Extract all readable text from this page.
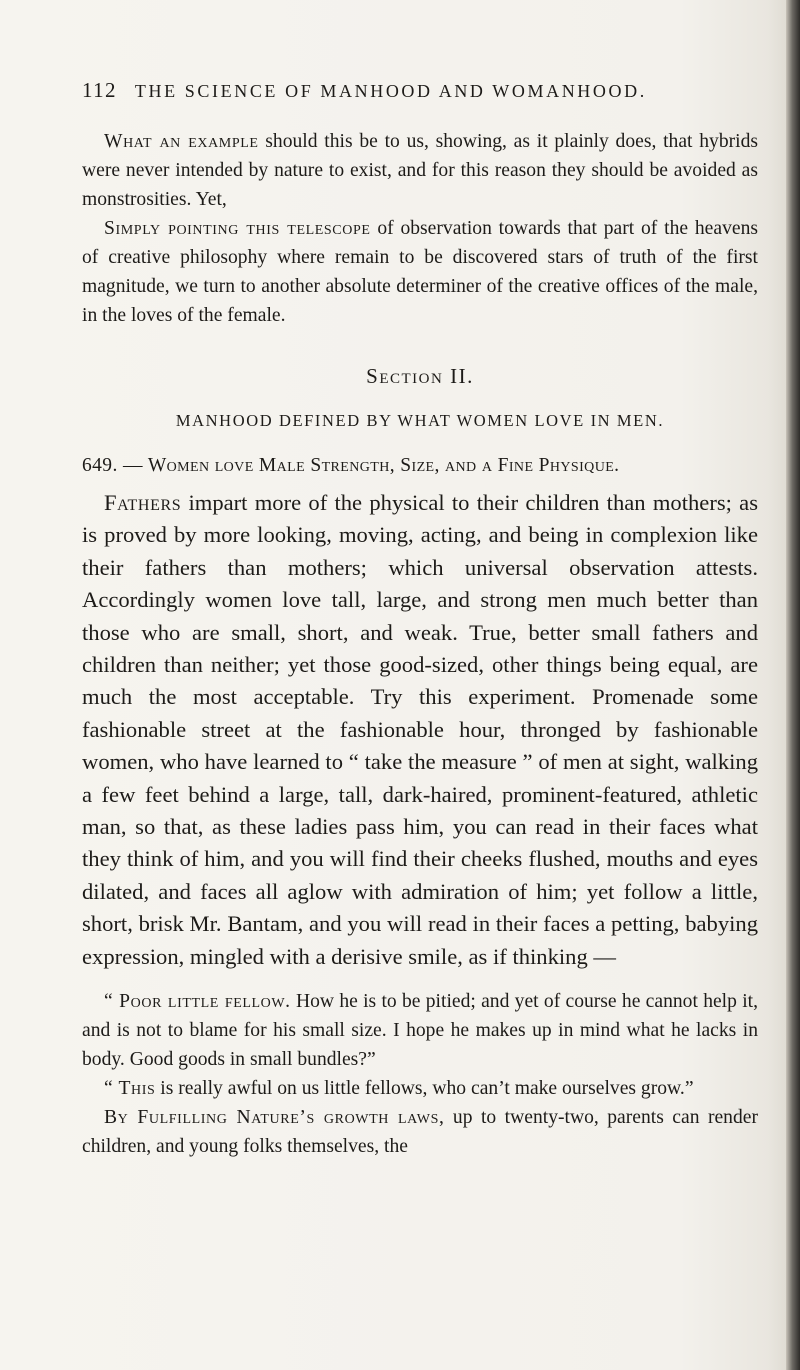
112 THE SCIENCE OF MANHOOD AND WOMANHOOD.

What an example should this be to us, showing, as it plainly does, that hybrids were never intended by nature to exist, and for this reason they should be avoided as monstrosities. Yet,

Simply pointing this telescope of observation towards that part of the heavens of creative philosophy where remain to be discovered stars of truth of the first magnitude, we turn to another absolute determiner of the creative offices of the male, in the loves of the female.

Section II.
MANHOOD DEFINED BY WHAT WOMEN LOVE IN MEN.
649. — Women love Male Strength, Size, and a Fine Physique.

Fathers impart more of the physical to their children than mothers; as is proved by more looking, moving, acting, and being in complexion like their fathers than mothers; which universal observation attests. Accordingly women love tall, large, and strong men much better than those who are small, short, and weak. True, better small fathers and children than neither; yet those good-sized, other things being equal, are much the most acceptable. Try this experiment. Promenade some fashionable street at the fashionable hour, thronged by fashionable women, who have learned to “ take the measure ” of men at sight, walking a few feet behind a large, tall, dark-haired, prominent-featured, athletic man, so that, as these ladies pass him, you can read in their faces what they think of him, and you will find their cheeks flushed, mouths and eyes dilated, and faces all aglow with admiration of him; yet follow a little, short, brisk Mr. Bantam, and you will read in their faces a petting, babying expression, mingled with a derisive smile, as if thinking —

“ Poor little fellow. How he is to be pitied; and yet of course he cannot help it, and is not to blame for his small size. I hope he makes up in mind what he lacks in body. Good goods in small bundles?”

“ This is really awful on us little fellows, who can’t make ourselves grow.”

By Fulfilling Nature’s growth laws, up to twenty-two, parents can render children, and young folks themselves, the
